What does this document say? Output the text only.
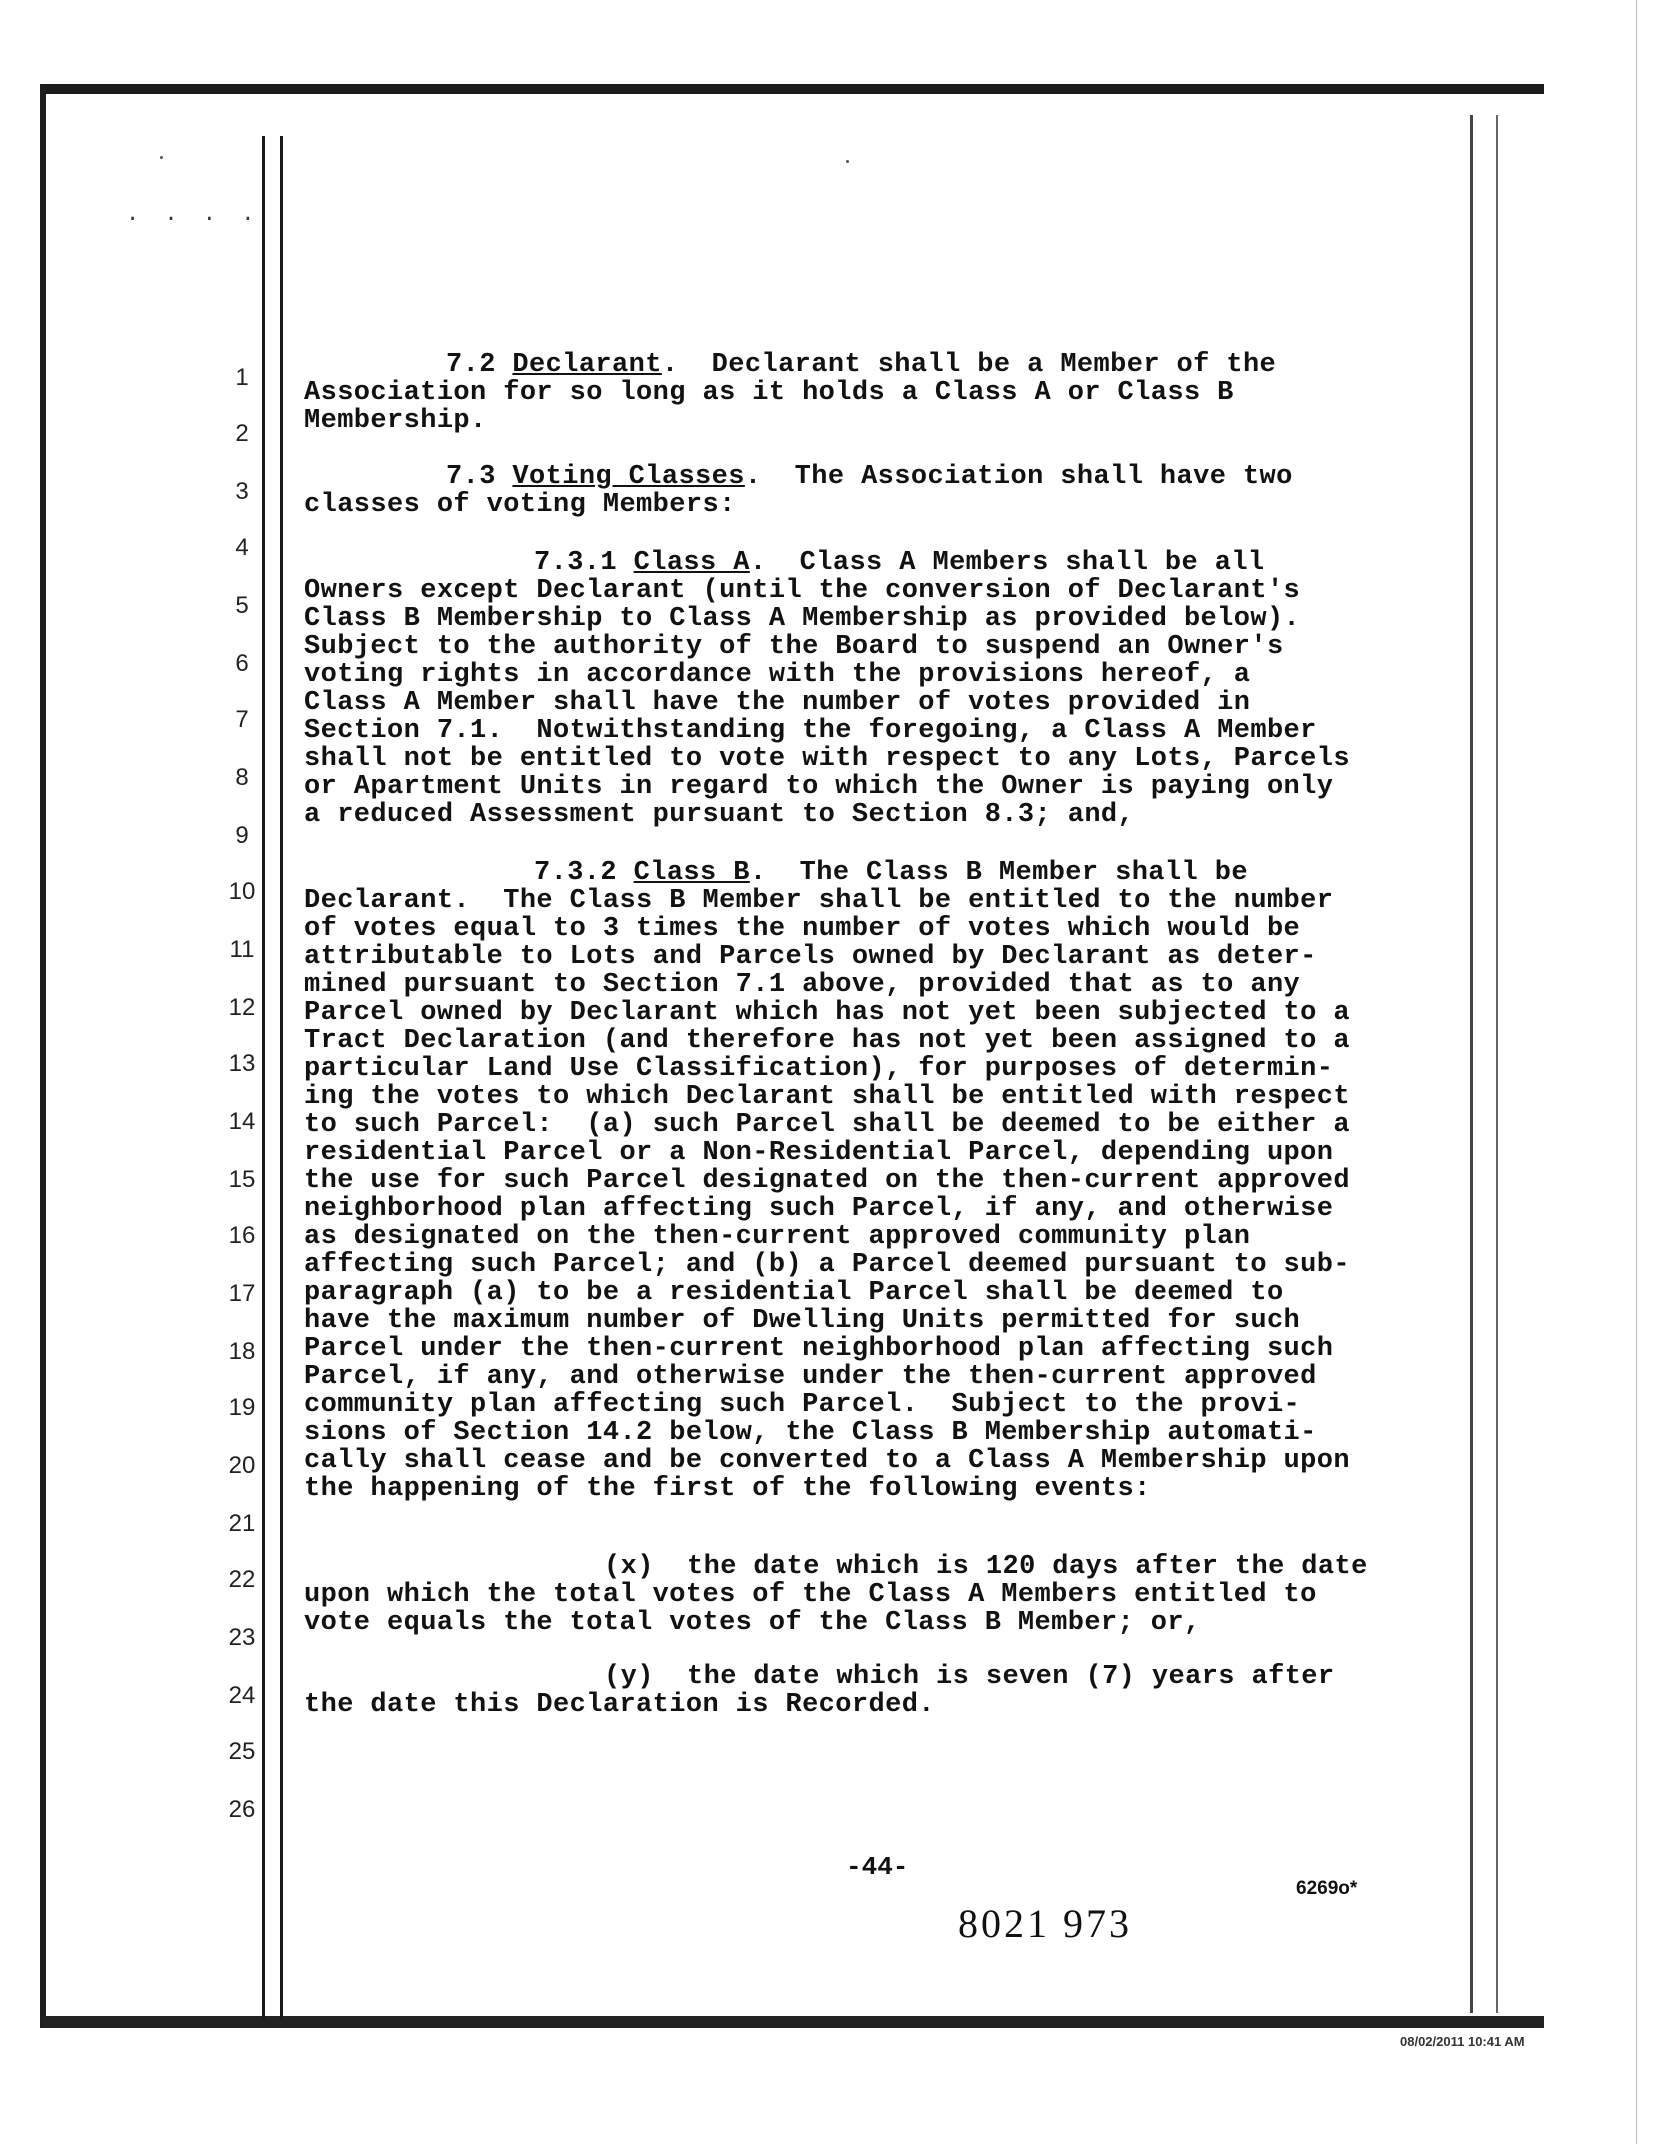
. . . .
1
2
3
4
5
6
7
8
9
10
11
12
13
14
15
16
17
18
19
20
21
22
23
24
25
26
7.2 Declarant.  Declarant shall be a Member of the
Association for so long as it holds a Class A or Class B
Membership.
7.3 Voting Classes.  The Association shall have two
classes of voting Members:
7.3.1 Class A.  Class A Members shall be all
Owners except Declarant (until the conversion of Declarant's
Class B Membership to Class A Membership as provided below).
Subject to the authority of the Board to suspend an Owner's
voting rights in accordance with the provisions hereof, a
Class A Member shall have the number of votes provided in
Section 7.1.  Notwithstanding the foregoing, a Class A Member
shall not be entitled to vote with respect to any Lots, Parcels
or Apartment Units in regard to which the Owner is paying only
a reduced Assessment pursuant to Section 8.3; and,
7.3.2 Class B.  The Class B Member shall be
Declarant.  The Class B Member shall be entitled to the number
of votes equal to 3 times the number of votes which would be
attributable to Lots and Parcels owned by Declarant as deter-
mined pursuant to Section 7.1 above, provided that as to any
Parcel owned by Declarant which has not yet been subjected to a
Tract Declaration (and therefore has not yet been assigned to a
particular Land Use Classification), for purposes of determin-
ing the votes to which Declarant shall be entitled with respect
to such Parcel:  (a) such Parcel shall be deemed to be either a
residential Parcel or a Non-Residential Parcel, depending upon
the use for such Parcel designated on the then-current approved
neighborhood plan affecting such Parcel, if any, and otherwise
as designated on the then-current approved community plan
affecting such Parcel; and (b) a Parcel deemed pursuant to sub-
paragraph (a) to be a residential Parcel shall be deemed to
have the maximum number of Dwelling Units permitted for such
Parcel under the then-current neighborhood plan affecting such
Parcel, if any, and otherwise under the then-current approved
community plan affecting such Parcel.  Subject to the provi-
sions of Section 14.2 below, the Class B Membership automati-
cally shall cease and be converted to a Class A Membership upon
the happening of the first of the following events:
(x)  the date which is 120 days after the date
upon which the total votes of the Class A Members entitled to
vote equals the total votes of the Class B Member; or,
(y)  the date which is seven (7) years after
the date this Declaration is Recorded.
-44-
6269o*
8021 973
08/02/2011 10:41 AM
